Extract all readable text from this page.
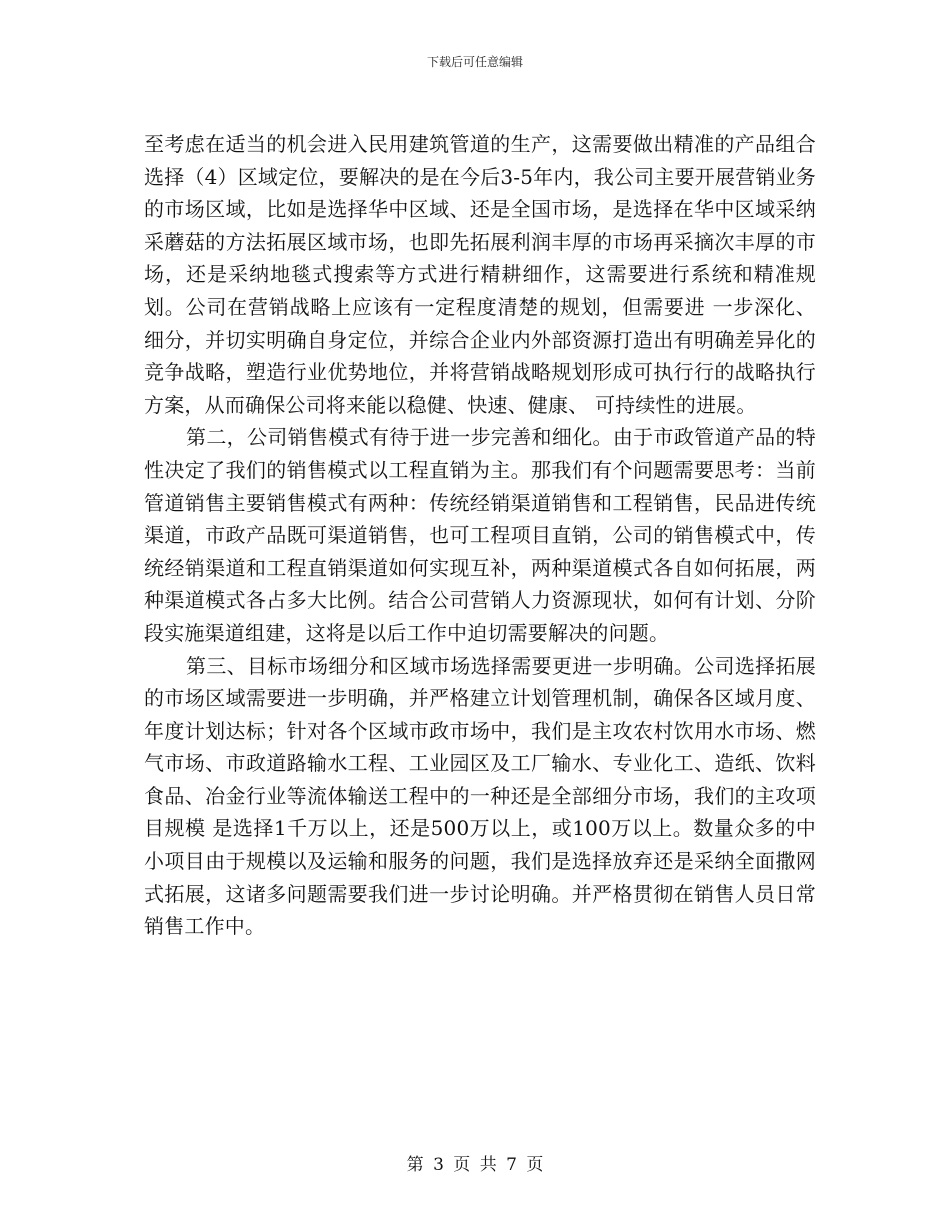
下载后可任意编辑

至考虑在适当的机会进入民用建筑管道的生产，这需要做出精准的产品组合选择（4）区域定位，要解决的是在今后3-5年内，我公司主要开展营销业务的市场区域，比如是选择华中区域、还是全国市场，是选择在华中区域采纳采蘑菇的方法拓展区域市场，也即先拓展利润丰厚的市场再采摘次丰厚的市场，还是采纳地毯式搜索等方式进行精耕细作，这需要进行系统和精准规划。公司在营销战略上应该有一定程度清楚的规划，但需要进 一步深化、细分，并切实明确自身定位，并综合企业内外部资源打造出有明确差异化的竞争战略，塑造行业优势地位，并将营销战略规划形成可执行行的战略执行方案，从而确保公司将来能以稳健、快速、健康、 可持续性的进展。

第二，公司销售模式有待于进一步完善和细化。由于市政管道产品的特性决定了我们的销售模式以工程直销为主。那我们有个问题需要思考：当前管道销售主要销售模式有两种：传统经销渠道销售和工程销售，民品进传统渠道，市政产品既可渠道销售，也可工程项目直销，公司的销售模式中，传统经销渠道和工程直销渠道如何实现互补，两种渠道模式各自如何拓展，两种渠道模式各占多大比例。结合公司营销人力资源现状，如何有计划、分阶段实施渠道组建，这将是以后工作中迫切需要解决的问题。

第三、目标市场细分和区域市场选择需要更进一步明确。公司选择拓展的市场区域需要进一步明确，并严格建立计划管理机制，确保各区域月度、年度计划达标；针对各个区域市政市场中，我们是主攻农村饮用水市场、燃气市场、市政道路输水工程、工业园区及工厂输水、专业化工、造纸、饮料食品、冶金行业等流体输送工程中的一种还是全部细分市场，我们的主攻项目规模 是选择1千万以上，还是500万以上，或100万以上。数量众多的中小项目由于规模以及运输和服务的问题，我们是选择放弃还是采纳全面撒网式拓展，这诸多问题需要我们进一步讨论明确。并严格贯彻在销售人员日常销售工作中。

第 3 页 共 7 页
